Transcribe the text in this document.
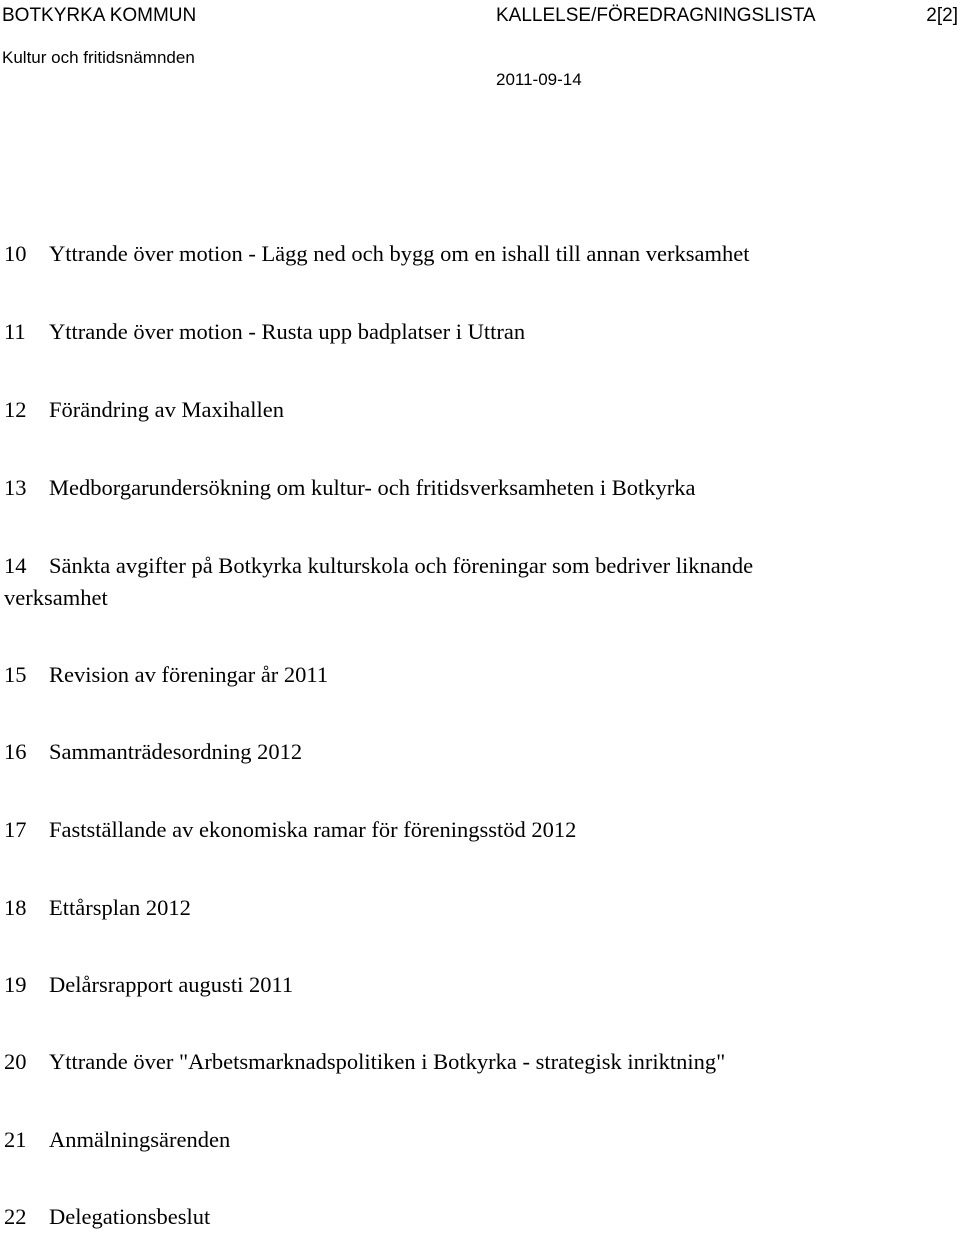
BOTKYRKA KOMMUN	KALLELSE/FÖREDRAGNINGSLISTA	2[2]
Kultur och fritidsnämnden
2011-09-14
10	Yttrande över motion - Lägg ned och bygg om en ishall till annan verksamhet
11	Yttrande över motion - Rusta upp badplatser i Uttran
12	Förändring av Maxihallen
13	Medborgarundersökning om kultur- och fritidsverksamheten i Botkyrka
14	Sänkta avgifter på Botkyrka kulturskola och föreningar som bedriver liknande
verksamhet
15	Revision av föreningar år 2011
16	Sammanträdesordning 2012
17	Fastställande av ekonomiska ramar för föreningsstöd 2012
18	Ettårsplan 2012
19	Delårsrapport augusti 2011
20	Yttrande över "Arbetsmarknadspolitiken i Botkyrka - strategisk inriktning"
21	Anmälningsärenden
22	Delegationsbeslut
